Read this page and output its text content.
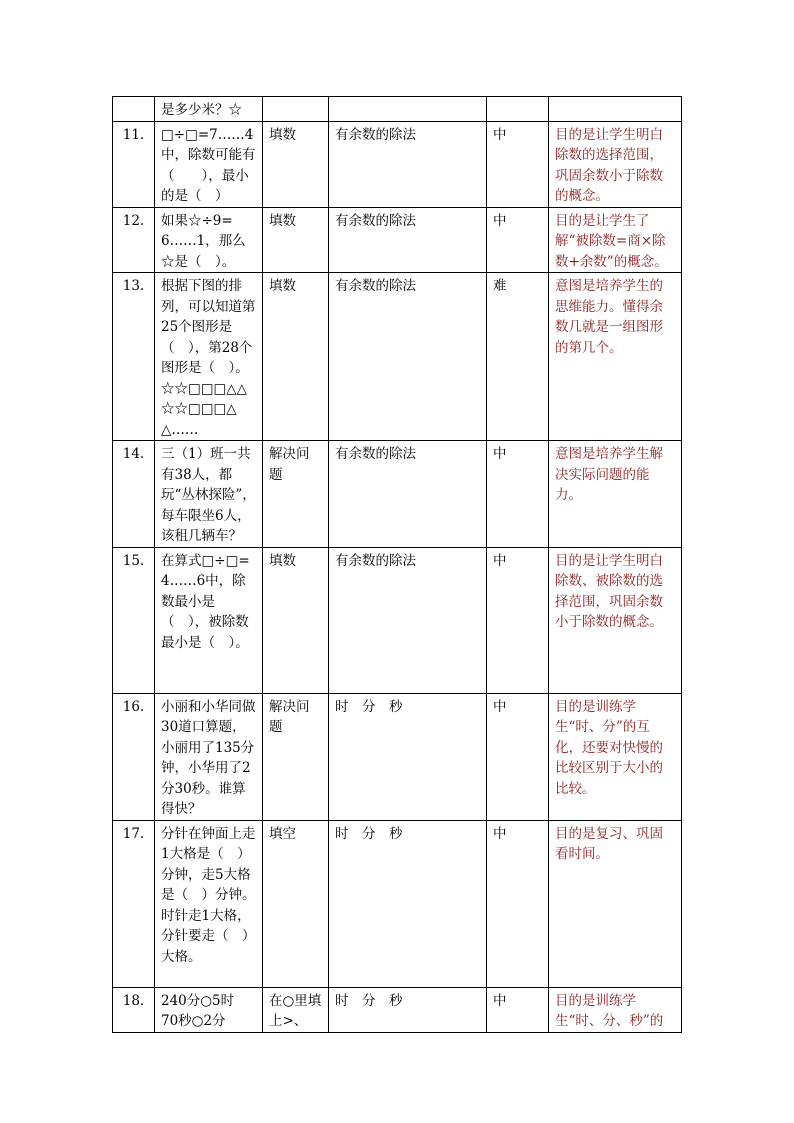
	是多少米？☆				
11.	□÷□=7……4中，除数可能有（　　），最小的是（　）	填数	有余数的除法	中	目的是让学生明白除数的选择范围，巩固余数小于除数的概念。
12.	如果☆÷9=6……1，那么☆是（　）。	填数	有余数的除法	中	目的是让学生了解“被除数=商×除数+余数”的概念。
13.	根据下图的排列，可以知道第25个图形是（　），第28个图形是（　）。☆☆□□□△△☆☆□□□△△……	填数	有余数的除法	难	意图是培养学生的思维能力。懂得余数几就是一组图形的第几个。
14.	三（1）班一共有38人，都玩“丛林探险”，每车限坐6人，该租几辆车？	解决问题	有余数的除法	中	意图是培养学生解决实际问题的能力。
15.	在算式□÷□=4……6中，除数最小是（　），被除数最小是（　）。	填数	有余数的除法	中	目的是让学生明白除数、被除数的选择范围，巩固余数小于除数的概念。
16.	小丽和小华同做30道口算题，小丽用了135分钟，小华用了2分30秒。谁算得快？	解决问题	时　分　秒	中	目的是训练学生“时、分”的互化，还要对快慢的比较区别于大小的比较。
17.	分针在钟面上走1大格是（　）分钟，走5大格是（　）分钟。时针走1大格，分针要走（　）大格。	填空	时　分　秒	中	目的是复习、巩固看时间。
18.	240分○5时　70秒○2分	在○里填上>、	时　分　秒	中	目的是训练学生“时、分、秒”的
